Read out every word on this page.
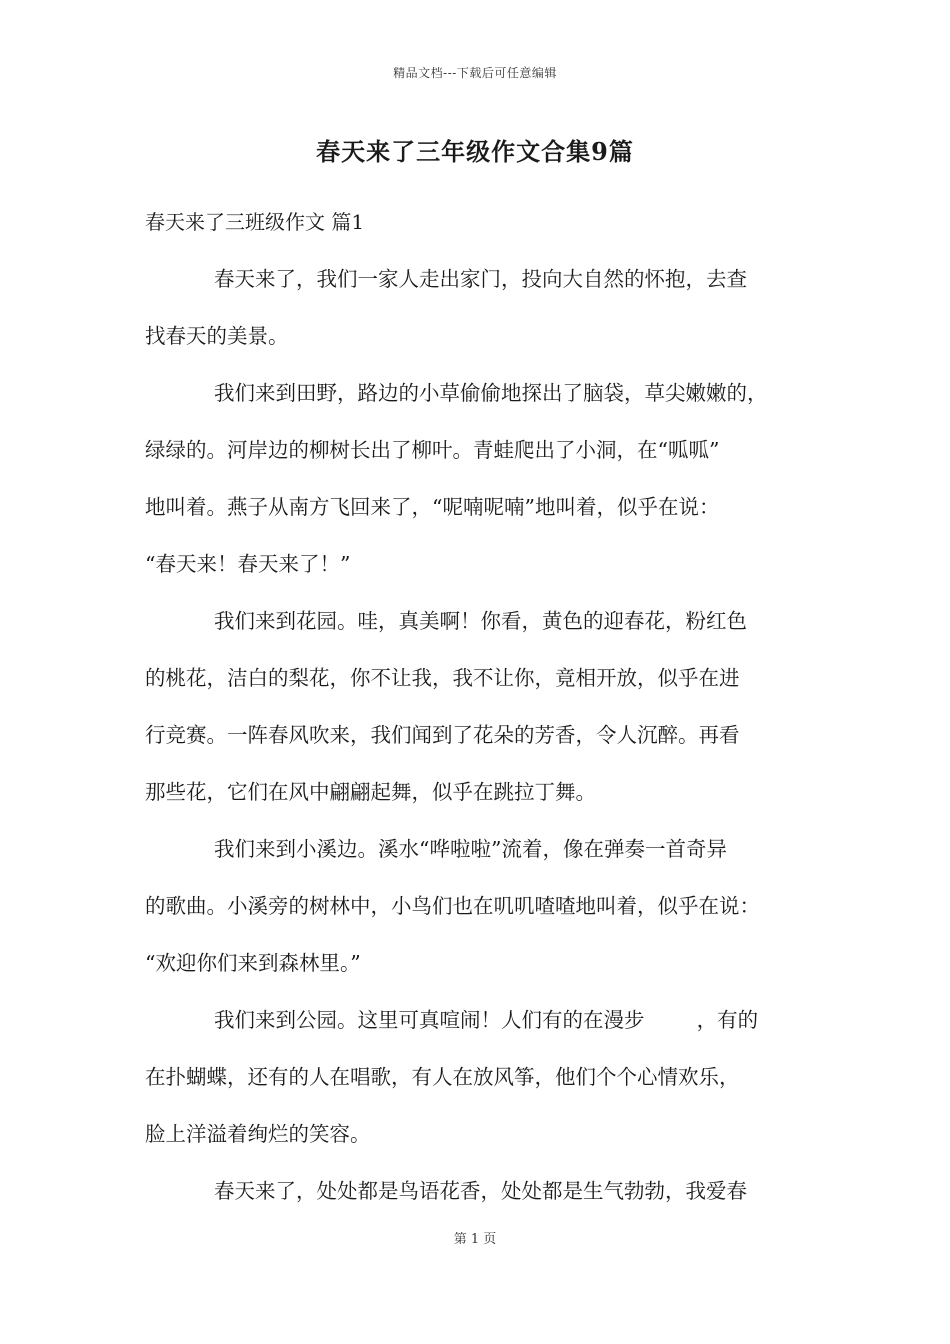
精品文档---下载后可任意编辑
春天来了三年级作文合集9篇
春天来了三班级作文 篇1
春天来了，我们一家人走出家门，投向大自然的怀抱，去查
找春天的美景。
我们来到田野，路边的小草偷偷地探出了脑袋，草尖嫩嫩的，
绿绿的。河岸边的柳树长出了柳叶。青蛙爬出了小洞，在“呱呱”
地叫着。燕子从南方飞回来了，“呢喃呢喃”地叫着，似乎在说：
“春天来！春天来了！”
我们来到花园。哇，真美啊！你看，黄色的迎春花，粉红色
的桃花，洁白的梨花，你不让我，我不让你，竟相开放，似乎在进
行竞赛。一阵春风吹来，我们闻到了花朵的芳香，令人沉醉。再看
那些花，它们在风中翩翩起舞，似乎在跳拉丁舞。
我们来到小溪边。溪水“哗啦啦”流着，像在弹奏一首奇异
的歌曲。小溪旁的树林中，小鸟们也在叽叽喳喳地叫着，似乎在说：
“欢迎你们来到森林里。”
我们来到公园。这里可真喧闹！人们有的在漫步        ，有的
在扑蝴蝶，还有的人在唱歌，有人在放风筝，他们个个心情欢乐，
脸上洋溢着绚烂的笑容。
春天来了，处处都是鸟语花香，处处都是生气勃勃，我爱春
第 1 页
